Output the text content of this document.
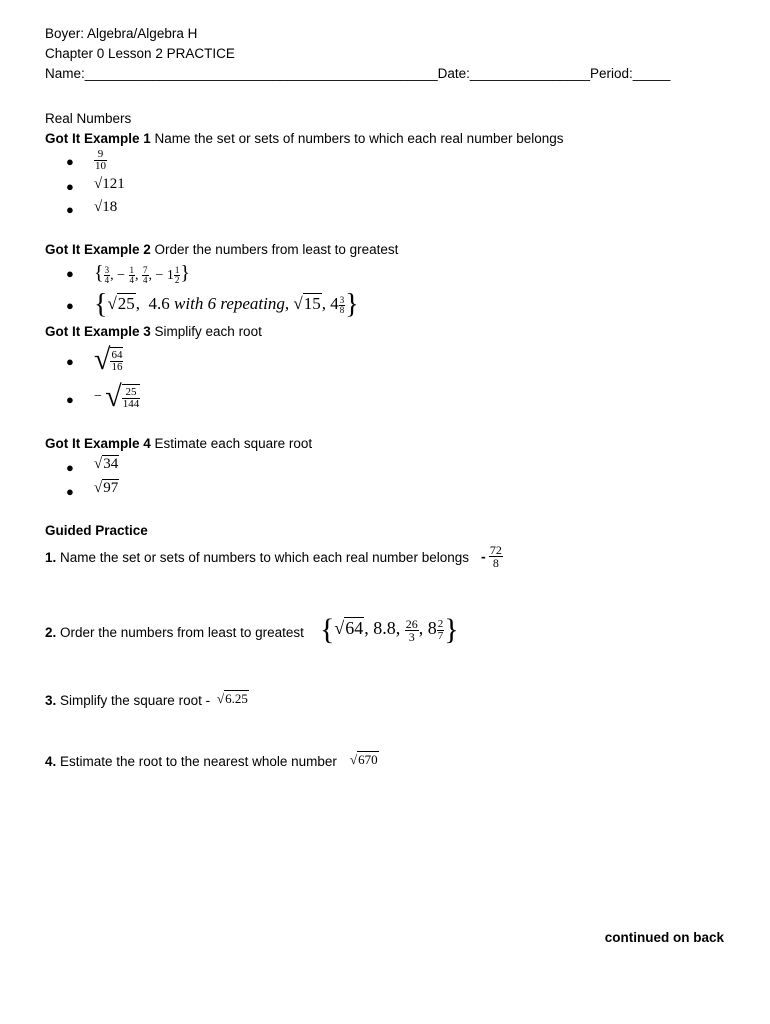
Boyer: Algebra/Algebra H
Chapter 0 Lesson 2 PRACTICE
Name:_______________________________________________Date:________________Period:_____
Real Numbers
Got It Example 1 Name the set or sets of numbers to which each real number belongs
● $\frac{9}{10}$
● √121
● √18
Got It Example 2 Order the numbers from least to greatest
● { $\frac{3}{4}$ , − $\frac{1}{4}$ , $\frac{7}{4}$ , − $1 \frac{1}{2}$ }
● {√25,  4.6 with 6 repeating, √15, $4 \frac{3}{8}$ }
Got It Example 3 Simplify each root
● √ $\frac{64}{16}$
● − √ $\frac{25}{144}$
Got It Example 4 Estimate each square root
● √34
● √97
Guided Practice
1. Name the set or sets of numbers to which each real number belongs - $\frac{72}{8}$
2. Order the numbers from least to greatest {√64, 8.8, $\frac{26}{3}$ , $8 \frac{2}{7}$ }
3. Simplify the square root - √6.25
4. Estimate the root to the nearest whole number √670
continued on back
